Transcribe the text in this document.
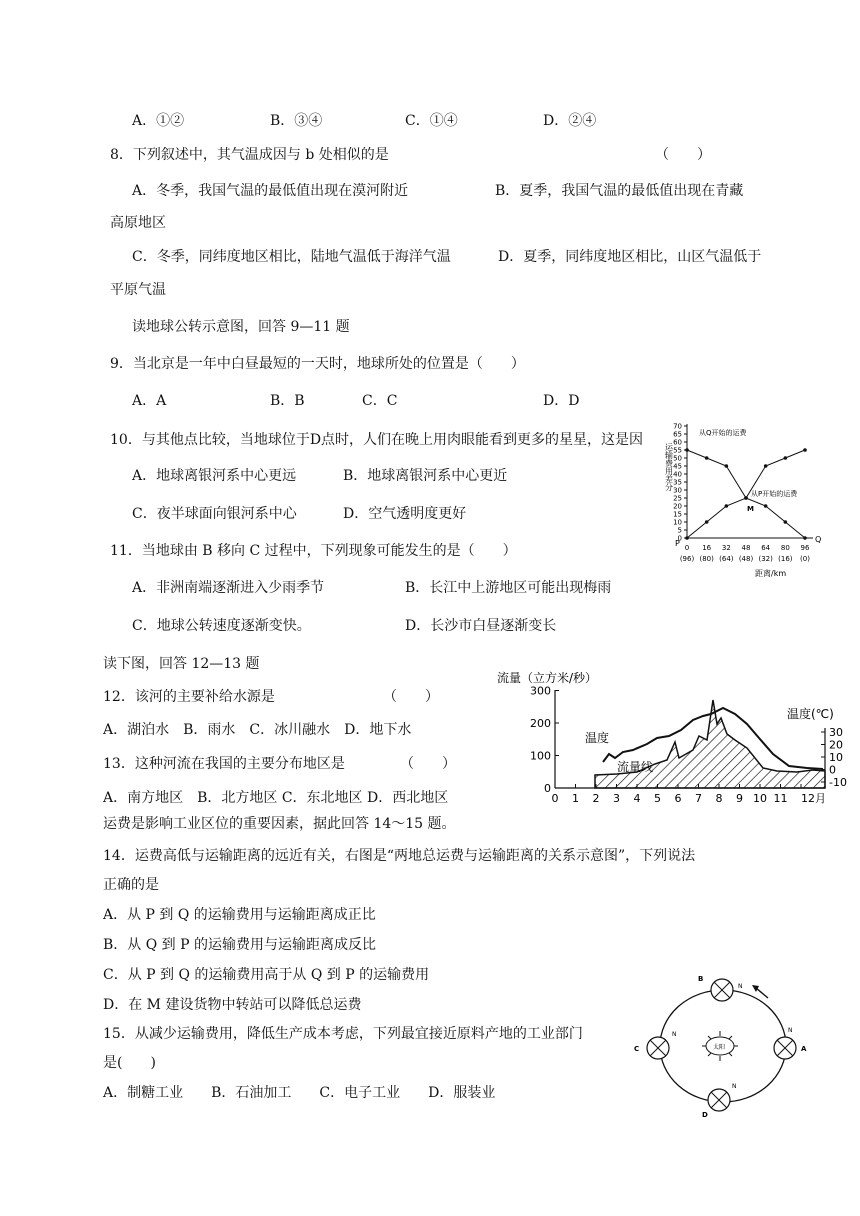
A．①②	B．③④	C．①④	D．②④
8．下列叙述中，其气温成因与 b 处相似的是	（　　）
A．冬季，我国气温的最低值出现在漠河附近	B．夏季，我国气温的最低值出现在青藏
高原地区
C．冬季，同纬度地区相比，陆地气温低于海洋气温	D．夏季，同纬度地区相比，山区气温低于
平原气温
读地球公转示意图，回答 9—11 题
9．当北京是一年中白昼最短的一天时，地球所处的位置是（　　）
A．A	B．B	C．C	D．D
10．与其他点比较，当地球位于D点时，人们在晚上用肉眼能看到更多的星星，这是因
A．地球离银河系中心更远	B．地球离银河系中心更近
C．夜半球面向银河系中心	D．空气透明度更好
11．当地球由 B 移向 C 过程中，下列现象可能发生的是（　　）
A．非洲南端逐渐进入少雨季节	B．长江中上游地区可能出现梅雨
C．地球公转速度逐渐变快。	D．长沙市白昼逐渐变长
读下图，回答 12—13 题
12．该河的主要补给水源是	（　　）
A．湖泊水　B．雨水　C．冰川融水　D．地下水
13．这种河流在我国的主要分布地区是	（　　）
A．南方地区　B．北方地区 C．东北地区 D．西北地区
运费是影响工业区位的重要因素，据此回答 14～15 题。
14．运费高低与运输距离的远近有关，右图是“两地总运费与运输距离的关系示意图”，下列说法
正确的是
A．从 P 到 Q 的运输费用与运输距离成正比
B．从 Q 到 P 的运输费用与运输距离成反比
C．从 P 到 Q 的运输费用高于从 Q 到 P 的运输费用
D．在 M 建设货物中转站可以降低总运费
15．从减少运输费用，降低生产成本考虑，下列最宜接近原料产地的工业部门
是(　　)
A．制糖工业　　B．石油加工　　C．电子工业　　D．服装业
运输费用差分
0
5
10
15
20
25
30
35
40
45
50
55
60
65
70
0
(96)
16
(80)
32
(64)
48
(48)
64
(32)
80
(16)
96
(0)
从Q开始的运费
从P开始的运费
M
P	Q
距离/km
流量（立方米/秒）
温度(℃)
0
100
200
300
30
20
10
0
-10
温度
流量线
0 1 2 3 4 5 6 7 8 9 10 11 12月
太阳
B
C	A
D
N
N
N
N
